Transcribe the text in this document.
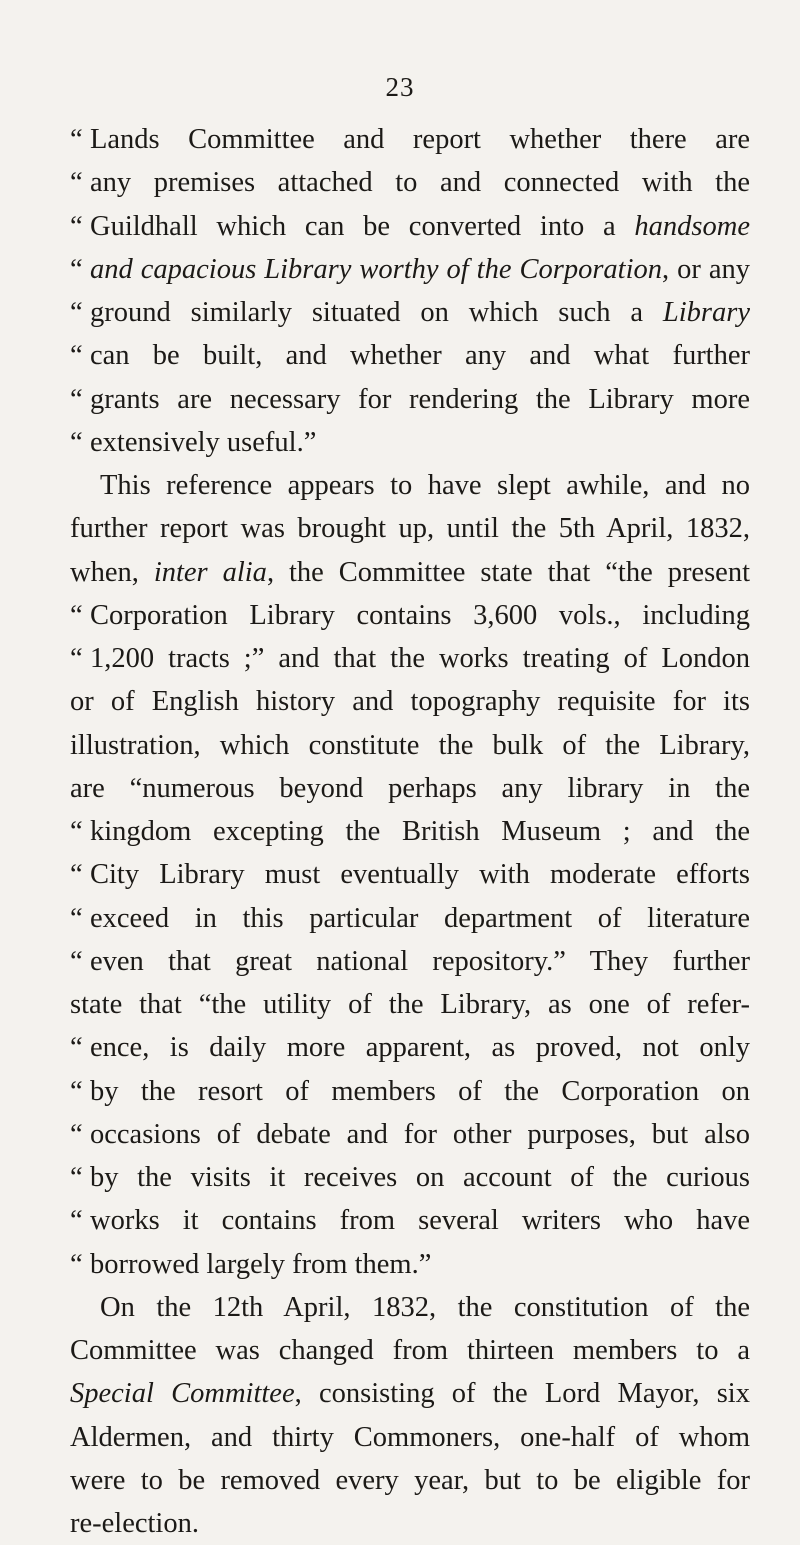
23
“ Lands Committee and report whether there are
“ any premises attached to and connected with the
“ Guildhall which can be converted into a handsome
“ and capacious Library worthy of the Corporation, or any
“ ground similarly situated on which such a Library
“ can be built, and whether any and what further
“ grants are necessary for rendering the Library more
“ extensively useful.”
This reference appears to have slept awhile, and no
further report was brought up, until the 5th April, 1832,
when, inter alia, the Committee state that “the present
“ Corporation Library contains 3,600 vols., including
“ 1,200 tracts ;” and that the works treating of London
or of English history and topography requisite for its
illustration, which constitute the bulk of the Library,
are “numerous beyond perhaps any library in the
“ kingdom excepting the British Museum ; and the
“ City Library must eventually with moderate efforts
“ exceed in this particular department of literature
“ even that great national repository.” They further
state that “the utility of the Library, as one of refer-
“ ence, is daily more apparent, as proved, not only
“ by the resort of members of the Corporation on
“ occasions of debate and for other purposes, but also
“ by the visits it receives on account of the curious
“ works it contains from several writers who have
“ borrowed largely from them.”
On the 12th April, 1832, the constitution of the
Committee was changed from thirteen members to a
Special Committee, consisting of the Lord Mayor, six
Aldermen, and thirty Commoners, one-half of whom
were to be removed every year, but to be eligible for
re-election.
